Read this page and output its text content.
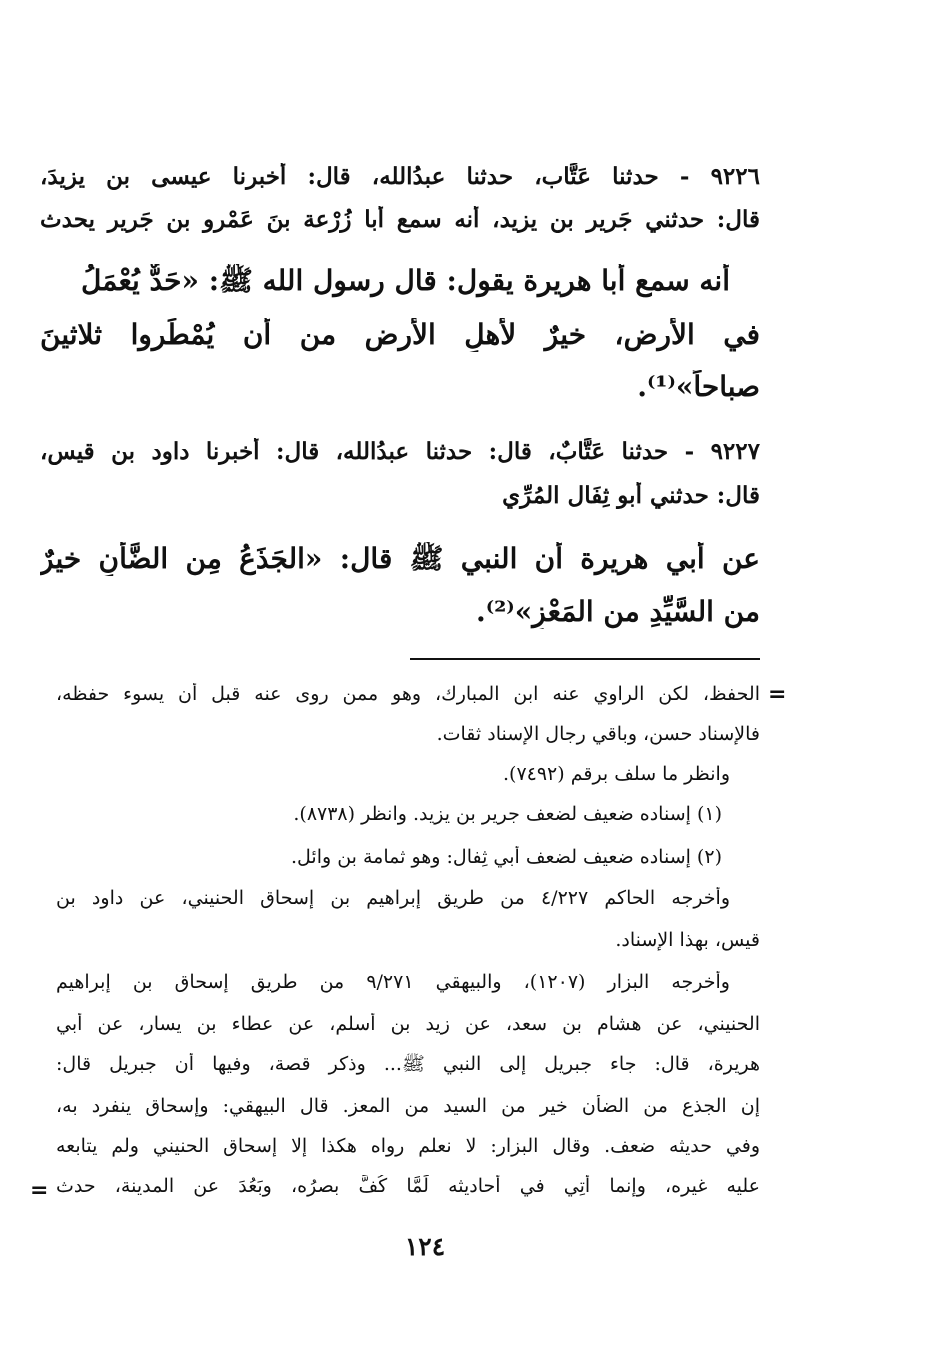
٩٢٢٦ - حدثنا عَتَّاب، حدثنا عبدُالله، قال: أخبرنا عيسى بن يزيدَ،
قال: حدثني جَرير بن يزيد، أنه سمع أبا زُرْعة بنَ عَمْرو بن جَرير يحدث
أنه سمع أبا هريرة يقول: قال رسول الله ﷺ: «حَدٌّ يُعْمَلُ
في الأرضِ، خيرٌ لأهلِ الأرضِ من أن يُمْطَروا ثلاثينَ
صباحاً»⁽¹⁾.
٩٢٢٧ - حدثنا عَتَّابٌ، قال: حدثنا عبدُالله، قال: أخبرنا داود بن قيس،
قال: حدثني أبو ثِفَال المُرِّي
عن أبي هريرة أن النبي ﷺ قال: «الجَذَعُ مِن الضَّأْنِ خيرٌ
من السَّيِّدِ من المَعْزِ»⁽²⁾.
=
الحفظ، لكن الراوي عنه ابن المبارك، وهو ممن روى عنه قبل أن يسوء حفظه،
فالإسناد حسن، وباقي رجال الإسناد ثقات.
وانظر ما سلف برقم (٧٤٩٢).
(١) إسناده ضعيف لضعف جرير بن يزيد. وانظر (٨٧٣٨).
(٢) إسناده ضعيف لضعف أبي ثِفال: وهو ثمامة بن وائل.
وأخرجه الحاكم ٤/٢٢٧ من طريق إبراهيم بن إسحاق الحنيني، عن داود بن
قيس، بهذا الإسناد.
وأخرجه البزار (١٢٠٧)، والبيهقي ٩/٢٧١ من طريق إسحاق بن إبراهيم
الحنيني، عن هشام بن سعد، عن زيد بن أسلم، عن عطاء بن يسار، عن أبي
هريرة، قال: جاء جبريل إلى النبي ﷺ... وذكر قصة، وفيها أن جبريل قال:
إن الجذع من الضأن خير من السيد من المعز. قال البيهقي: وإسحاق ينفرد به،
وفي حديثه ضعف. وقال البزار: لا نعلم رواه هكذا إلا إسحاق الحنيني ولم يتابعه
عليه غيره، وإنما أُتِي في أحاديثه لَمَّا كُفَّ بصرُه، وبَعُدَ عن المدينة، حدث
=
١٢٤
